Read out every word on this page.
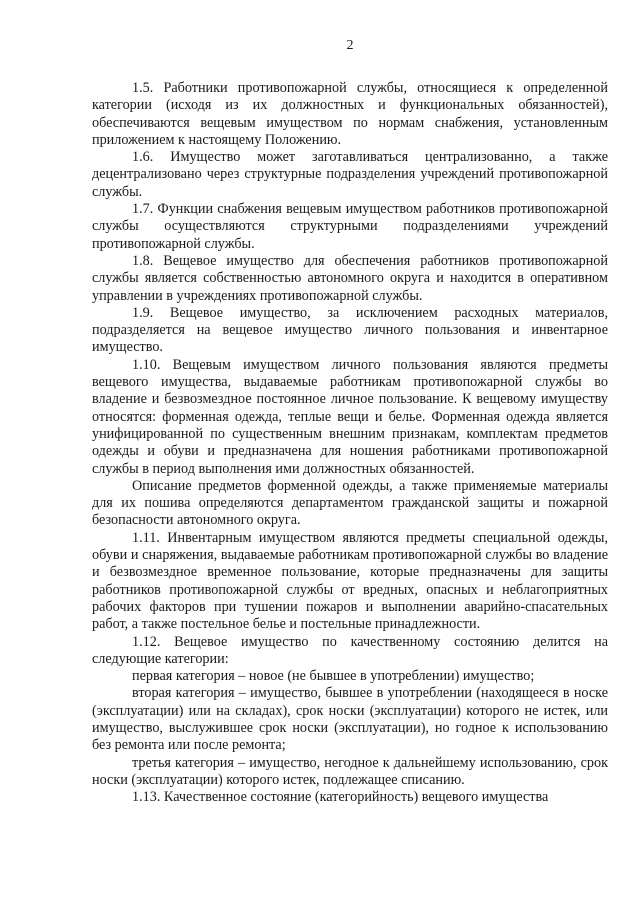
2

1.5. Работники противопожарной службы, относящиеся к определенной категории (исходя из их должностных и функциональных обязанностей), обеспечиваются вещевым имуществом по нормам снабжения, установленным приложением к настоящему Положению.

1.6. Имущество может заготавливаться централизованно, а также децентрализовано через структурные подразделения учреждений противопожарной службы.

1.7. Функции снабжения вещевым имуществом работников противопожарной службы осуществляются структурными подразделениями учреждений противопожарной службы.

1.8. Вещевое имущество для обеспечения работников противопожарной службы является собственностью автономного округа и находится в оперативном управлении в учреждениях противопожарной службы.

1.9. Вещевое имущество, за исключением расходных материалов, подразделяется на вещевое имущество личного пользования и инвентарное имущество.

1.10. Вещевым имуществом личного пользования являются предметы вещевого имущества, выдаваемые работникам противопожарной службы во владение и безвозмездное постоянное личное пользование. К вещевому имуществу относятся: форменная одежда, теплые вещи и белье. Форменная одежда является унифицированной по существенным внешним признакам, комплектам предметов одежды и обуви и предназначена для ношения работниками противопожарной службы в период выполнения ими должностных обязанностей.

Описание предметов форменной одежды, а также применяемые материалы для их пошива определяются департаментом гражданской защиты и пожарной безопасности автономного округа.

1.11. Инвентарным имуществом являются предметы специальной одежды, обуви и снаряжения, выдаваемые работникам противопожарной службы во владение и безвозмездное временное пользование, которые предназначены для защиты работников противопожарной службы от вредных, опасных и неблагоприятных рабочих факторов при тушении пожаров и выполнении аварийно-спасательных работ, а также постельное белье и постельные принадлежности.

1.12. Вещевое имущество по качественному состоянию делится на следующие категории:

первая категория – новое (не бывшее в употреблении) имущество;

вторая категория – имущество, бывшее в употреблении (находящееся в носке (эксплуатации) или на складах), срок носки (эксплуатации) которого не истек, или имущество, выслужившее срок носки (эксплуатации), но годное к использованию без ремонта или после ремонта;

третья категория – имущество, негодное к дальнейшему использованию, срок носки (эксплуатации) которого истек, подлежащее списанию.

1.13. Качественное состояние (категорийность) вещевого имущества
